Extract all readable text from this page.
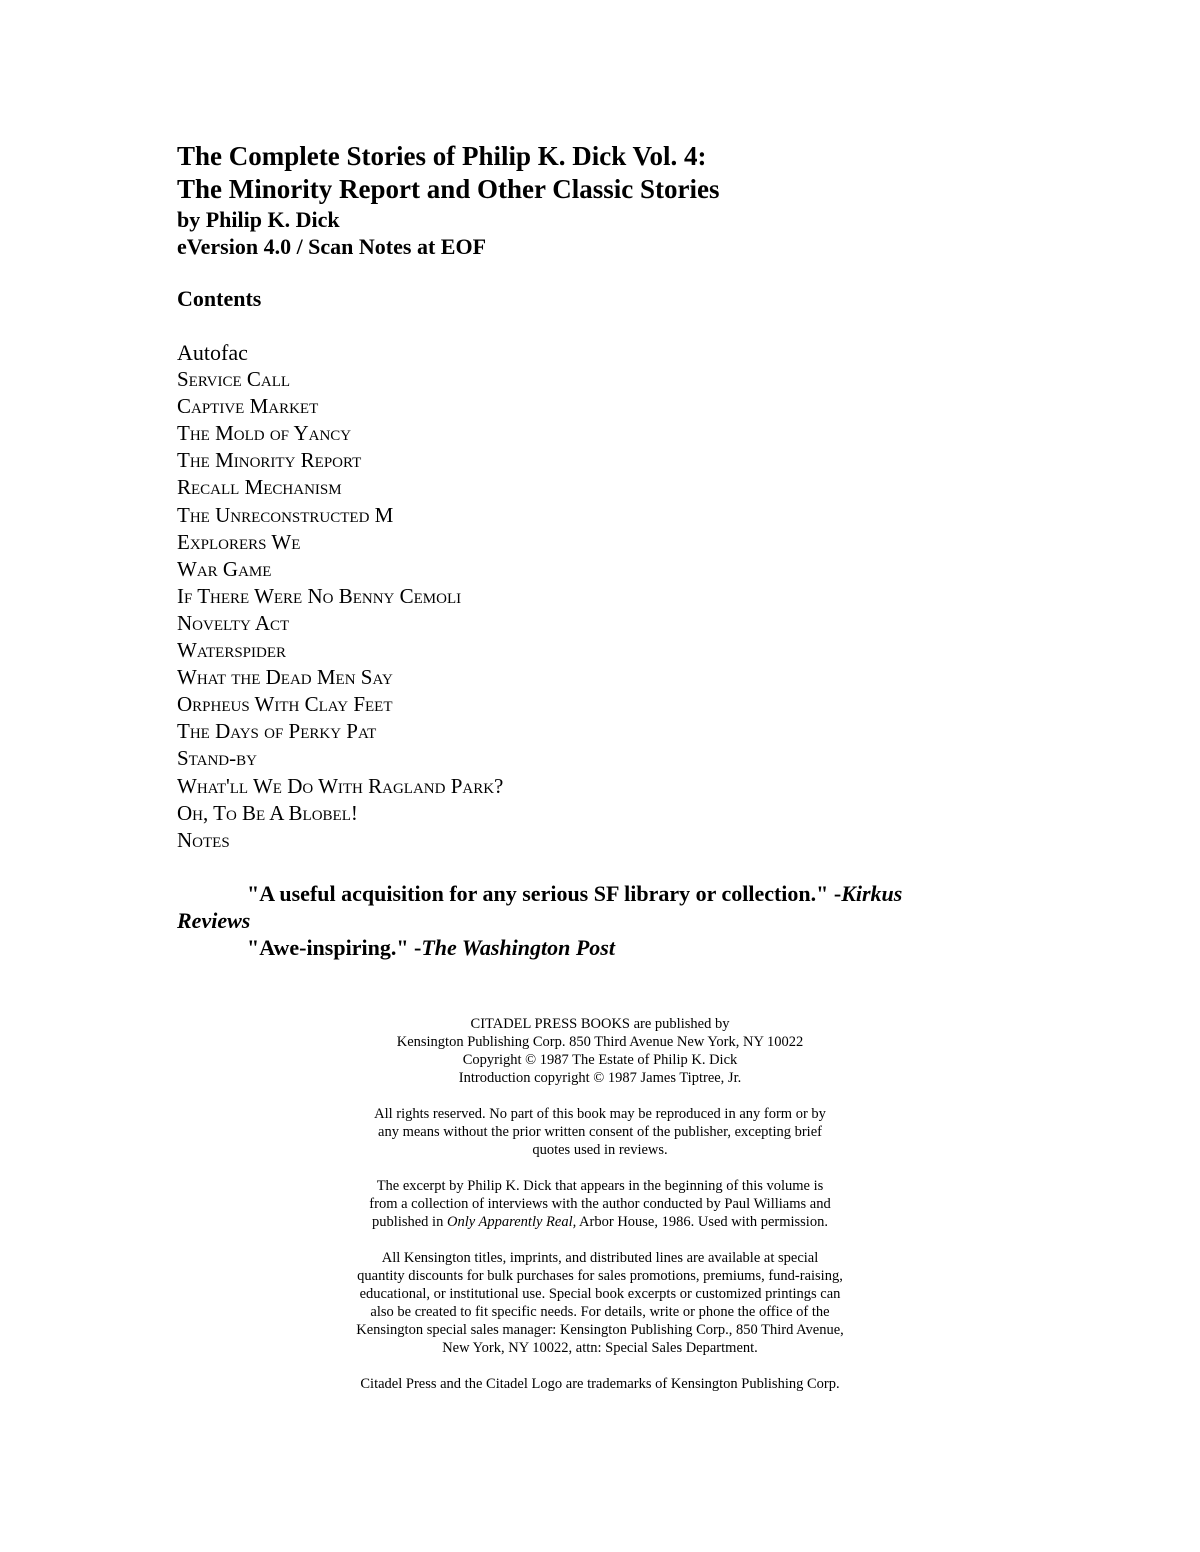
The Complete Stories of Philip K. Dick Vol. 4:
The Minority Report and Other Classic Stories
by Philip K. Dick
eVersion 4.0 / Scan Notes at EOF
Contents
Autofac
Service Call
Captive Market
The Mold of Yancy
The Minority Report
Recall Mechanism
The Unreconstructed M
Explorers We
War Game
If There Were No Benny Cemoli
Novelty Act
Waterspider
What the Dead Men Say
Orpheus With Clay Feet
The Days of Perky Pat
Stand-by
What'll We Do With Ragland Park?
Oh, To Be A Blobel!
Notes
"A useful acquisition for any serious SF library or collection." -Kirkus Reviews
"Awe-inspiring." -The Washington Post

CITADEL PRESS BOOKS are published by
Kensington Publishing Corp. 850 Third Avenue New York, NY 10022
Copyright © 1987 The Estate of Philip K. Dick
Introduction copyright © 1987 James Tiptree, Jr.

All rights reserved. No part of this book may be reproduced in any form or by
any means without the prior written consent of the publisher, excepting brief
quotes used in reviews.

The excerpt by Philip K. Dick that appears in the beginning of this volume is
from a collection of interviews with the author conducted by Paul Williams and
published in Only Apparently Real, Arbor House, 1986. Used with permission.

All Kensington titles, imprints, and distributed lines are available at special
quantity discounts for bulk purchases for sales promotions, premiums, fund-raising,
educational, or institutional use. Special book excerpts or customized printings can
also be created to fit specific needs. For details, write or phone the office of the
Kensington special sales manager: Kensington Publishing Corp., 850 Third Avenue,
New York, NY 10022, attn: Special Sales Department.

Citadel Press and the Citadel Logo are trademarks of Kensington Publishing Corp.
